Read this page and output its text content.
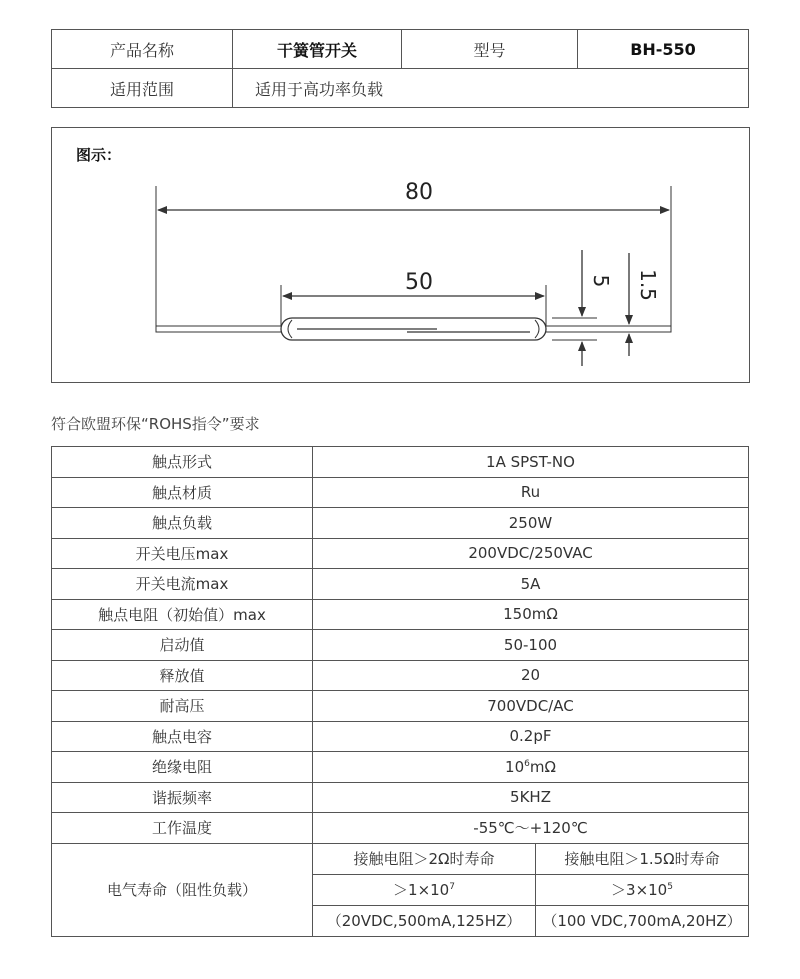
产品名称	干簧管开关	型号	BH-550
适用范围	适用于高功率负载		
图示：
80
50	5 1.5
符合欧盟环保“ROHS指令”要求
触点形式	1A SPST-NO	
触点材质	Ru	
触点负载	250W	
开关电压max	200VDC/250VAC	
开关电流max	5A	
触点电阻（初始值）max	150mΩ	
启动值	50-100	
释放值	20	
耐高压	700VDC/AC	
触点电容	0.2pF	
绝缘电阻	$10^6m\Omega$	
谐振频率	5KHZ	
工作温度	-55℃～+120℃	
电气寿命（阻性负载）	接触电阻＞2Ω时寿命	接触电阻＞1.5Ω时寿命
	$>1\times 10^7$	$>3\times 10^5$
	（20VDC,500mA,125HZ）	（100 VDC,700mA,20HZ）
